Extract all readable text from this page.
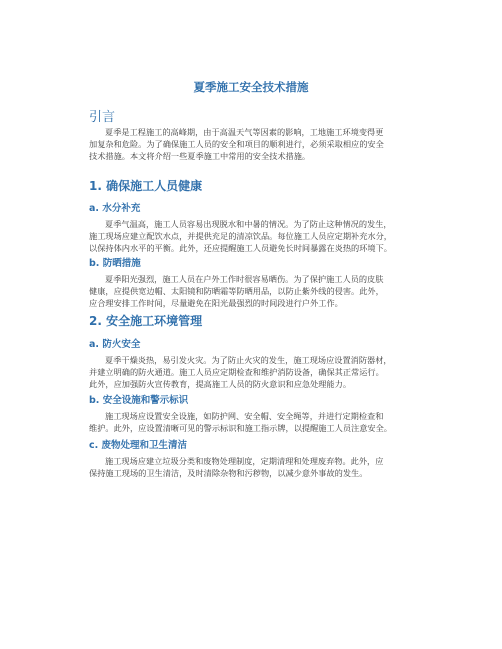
夏季施工安全技术措施
引言

夏季是工程施工的高峰期，由于高温天气等因素的影响，工地施工环境变得更
加复杂和危险。为了确保施工人员的安全和项目的顺利进行，必须采取相应的安全
技术措施。本文将介绍一些夏季施工中常用的安全技术措施。

1. 确保施工人员健康
a. 水分补充

夏季气温高，施工人员容易出现脱水和中暑的情况。为了防止这种情况的发生，
施工现场应建立配饮水点，并提供充足的清凉饮品。每位施工人员应定期补充水分，
以保持体内水平的平衡。此外，还应提醒施工人员避免长时间暴露在炎热的环境下。

b. 防晒措施

夏季阳光强烈，施工人员在户外工作时很容易晒伤。为了保护施工人员的皮肤
健康，应提供宽边帽、太阳镜和防晒霜等防晒用品，以防止紫外线的侵害。此外，
应合理安排工作时间，尽量避免在阳光最强烈的时间段进行户外工作。

2. 安全施工环境管理
a. 防火安全

夏季干燥炎热，易引发火灾。为了防止火灾的发生，施工现场应设置消防器材，
并建立明确的防火通道。施工人员应定期检查和维护消防设备，确保其正常运行。
此外，应加强防火宣传教育，提高施工人员的防火意识和应急处理能力。

b. 安全设施和警示标识

施工现场应设置安全设施，如防护网、安全帽、安全绳等，并进行定期检查和
维护。此外，应设置清晰可见的警示标识和施工指示牌，以提醒施工人员注意安全。

c. 废物处理和卫生清洁

施工现场应建立垃圾分类和废物处理制度，定期清理和处理废弃物。此外，应
保持施工现场的卫生清洁，及时清除杂物和污秽物，以减少意外事故的发生。
